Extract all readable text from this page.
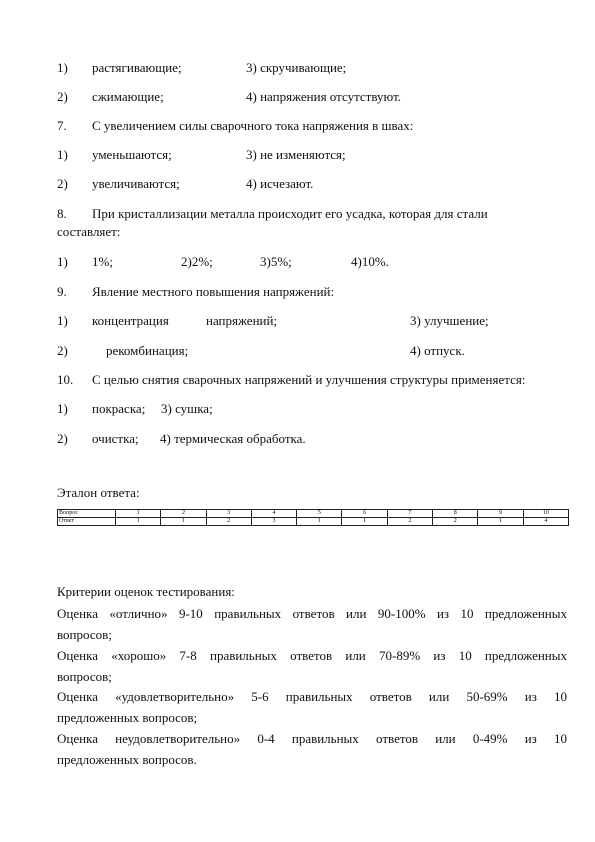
1) растягивающие;	3) скручивающие;
2) сжимающие;	4) напряжения отсутствуют.
7. С увеличением силы сварочного тока напряжения в швах:
1) уменьшаются;	3) не изменяются;
2) увеличиваются;	4) исчезают.
8. При кристаллизации металла происходит его усадка, которая для стали
составляет:
1) 1%;	2)2%;	3)5%;	4)10%.
9. Явление местного повышения напряжений:
1) концентрация	напряжений;	3) улучшение;
2)	рекомбинация;	4) отпуск.
10. С целью снятия сварочных напряжений и улучшения структуры применяется:
1) покраска; 3) сушка;
2) очистка; 4) термическая обработка.
Эталон ответа:
Вопрос	1	2	3	4	5	6	7	8	9	10
Ответ	1	1	2	3	1	1	2	2	1	4
Критерии оценок тестирования:
Оценка «отлично» 9-10 правильных ответов или 90-100% из 10 предложенных
вопросов;
Оценка «хорошо» 7-8 правильных ответов или 70-89% из 10 предложенных
вопросов;
Оценка «удовлетворительно» 5-6 правильных ответов или 50-69% из 10
предложенных вопросов;
Оценка неудовлетворительно» 0-4 правильных ответов или 0-49% из 10
предложенных вопросов.
